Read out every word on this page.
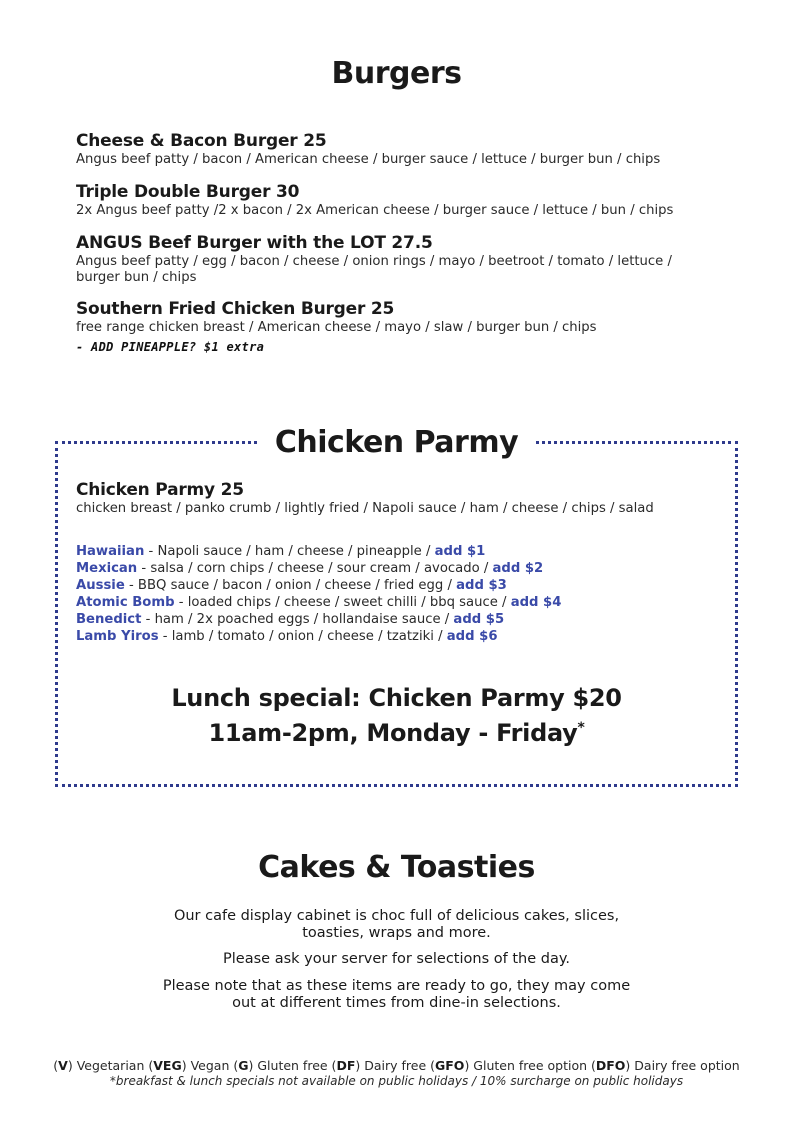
Burgers
Cheese & Bacon Burger 25
Angus beef patty / bacon / American cheese / burger sauce / lettuce / burger bun / chips
Triple Double Burger 30
2x Angus beef patty /2 x bacon / 2x American cheese / burger sauce / lettuce / bun / chips
ANGUS Beef Burger with the LOT 27.5
Angus beef patty / egg / bacon / cheese / onion rings / mayo / beetroot / tomato / lettuce / burger bun / chips
Southern Fried Chicken Burger 25
free range chicken breast / American cheese / mayo / slaw / burger bun / chips
- ADD PINEAPPLE? $1 extra
Chicken Parmy
Chicken Parmy 25
chicken breast / panko crumb / lightly fried / Napoli sauce / ham / cheese / chips / salad
Hawaiian - Napoli sauce / ham / cheese / pineapple / add $1
Mexican - salsa / corn chips / cheese / sour cream / avocado / add $2
Aussie - BBQ sauce / bacon / onion / cheese / fried egg / add $3
Atomic Bomb - loaded chips / cheese / sweet chilli / bbq sauce / add $4
Benedict - ham / 2x poached eggs / hollandaise sauce / add $5
Lamb Yiros - lamb / tomato / onion / cheese / tzatziki / add $6
Lunch special: Chicken Parmy $20
11am-2pm, Monday - Friday*
Cakes & Toasties
Our cafe display cabinet is choc full of delicious cakes, slices,
toasties, wraps and more.
Please ask your server for selections of the day.
Please note that as these items are ready to go, they may come
out at different times from dine-in selections.
(V) Vegetarian (VEG) Vegan (G) Gluten free (DF) Dairy free (GFO) Gluten free option (DFO) Dairy free option
*breakfast & lunch specials not available on public holidays / 10% surcharge on public holidays
